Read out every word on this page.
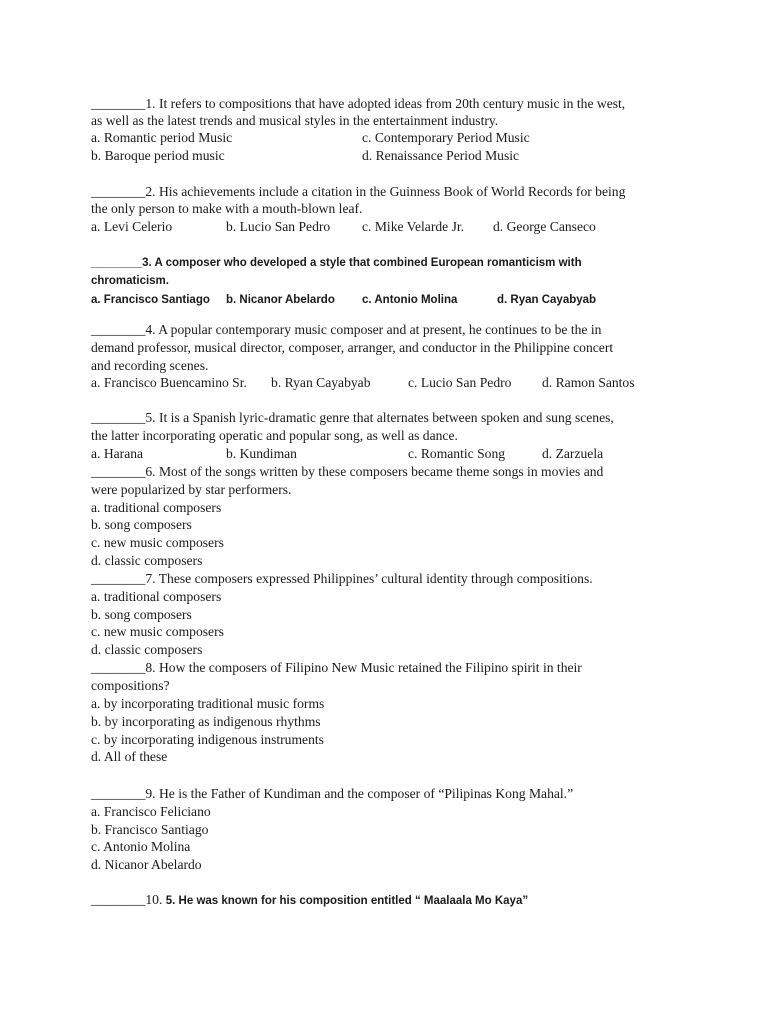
________1. It refers to compositions that have adopted ideas from 20th century music in the west,
as well as the latest trends and musical styles in the entertainment industry.
a. Romantic period Music	c. Contemporary Period Music
b. Baroque period music	d. Renaissance Period Music
________2. His achievements include a citation in the Guinness Book of World Records for being
the only person to make with a mouth-blown leaf.
a. Levi Celerio	b. Lucio San Pedro c. Mike Velarde Jr. d. George Canseco
________3. A composer who developed a style that combined European romanticism with
chromaticism.
a. Francisco Santiago b. Nicanor Abelardo c. Antonio Molina	d. Ryan Cayabyab
________4. A popular contemporary music composer and at present, he continues to be the in
demand professor, musical director, composer, arranger, and conductor in the Philippine concert
and recording scenes.
a. Francisco Buencamino Sr. b. Ryan Cayabyab	c. Lucio San Pedro d. Ramon Santos
________5. It is a Spanish lyric-dramatic genre that alternates between spoken and sung scenes,
the latter incorporating operatic and popular song, as well as dance.
a. Harana	b. Kundiman	c. Romantic Song	d. Zarzuela
________6. Most of the songs written by these composers became theme songs in movies and
were popularized by star performers.
a. traditional composers
b. song composers
c. new music composers
d. classic composers
________7. These composers expressed Philippines’ cultural identity through compositions.
a. traditional composers
b. song composers
c. new music composers
d. classic composers
________8. How the composers of Filipino New Music retained the Filipino spirit in their
compositions?
a. by incorporating traditional music forms
b. by incorporating as indigenous rhythms
c. by incorporating indigenous instruments
d. All of these
________9. He is the Father of Kundiman and the composer of “Pilipinas Kong Mahal.”
a. Francisco Feliciano
b. Francisco Santiago
c. Antonio Molina
d. Nicanor Abelardo
________10. 5. He was known for his composition entitled “ Maalaala Mo Kaya”
